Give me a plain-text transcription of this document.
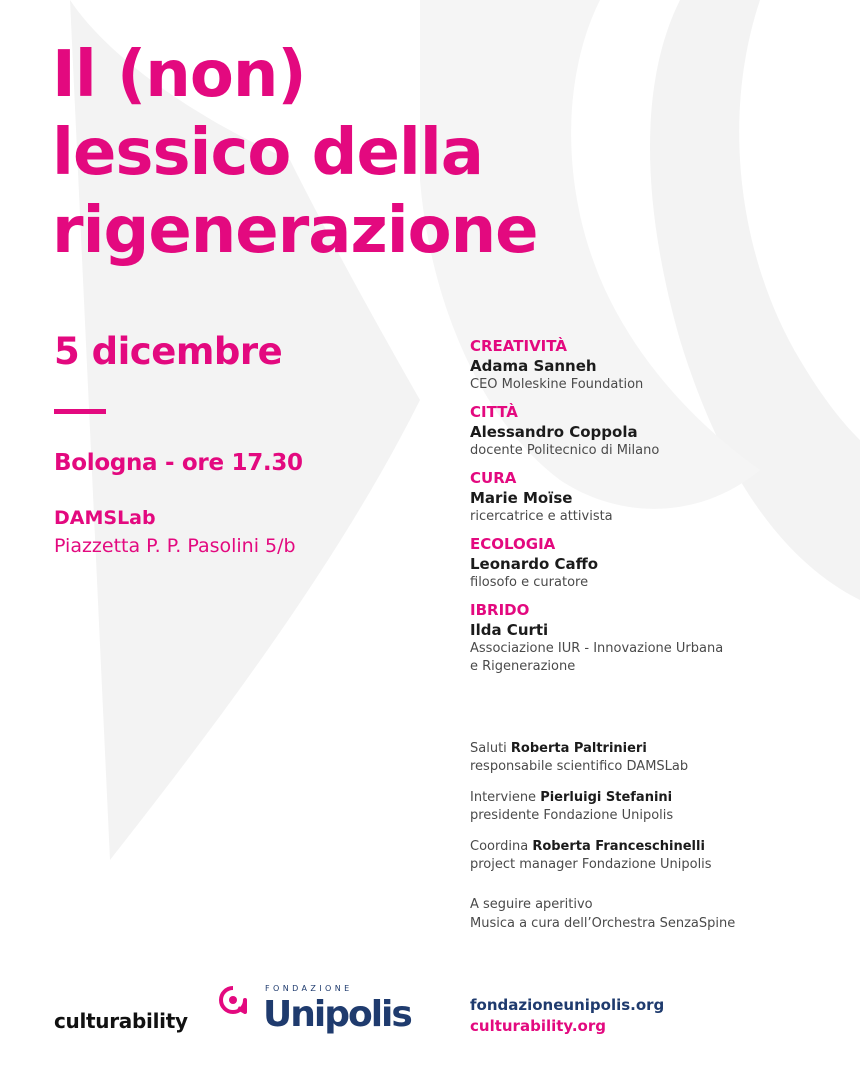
Il (non)
lessico della
rigenerazione
5 dicembre
Bologna - ore 17.30
DAMSLab
Piazzetta P. P. Pasolini 5/b
CREATIVITÀ
Adama Sanneh
CEO Moleskine Foundation
CITTÀ
Alessandro Coppola
docente Politecnico di Milano
CURA
Marie Moïse
ricercatrice e attivista
ECOLOGIA
Leonardo Caffo
filosofo e curatore
IBRIDO
Ilda Curti
Associazione IUR - Innovazione Urbana
e Rigenerazione
Saluti Roberta Paltrinieri
responsabile scientifico DAMSLab
Interviene Pierluigi Stefanini
presidente Fondazione Unipolis
Coordina Roberta Franceschinelli
project manager Fondazione Unipolis
A seguire aperitivo
Musica a cura dell’Orchestra SenzaSpine
culturability
FONDAZIONE
Unipolis	fondazioneunipolis.org
culturability.org
